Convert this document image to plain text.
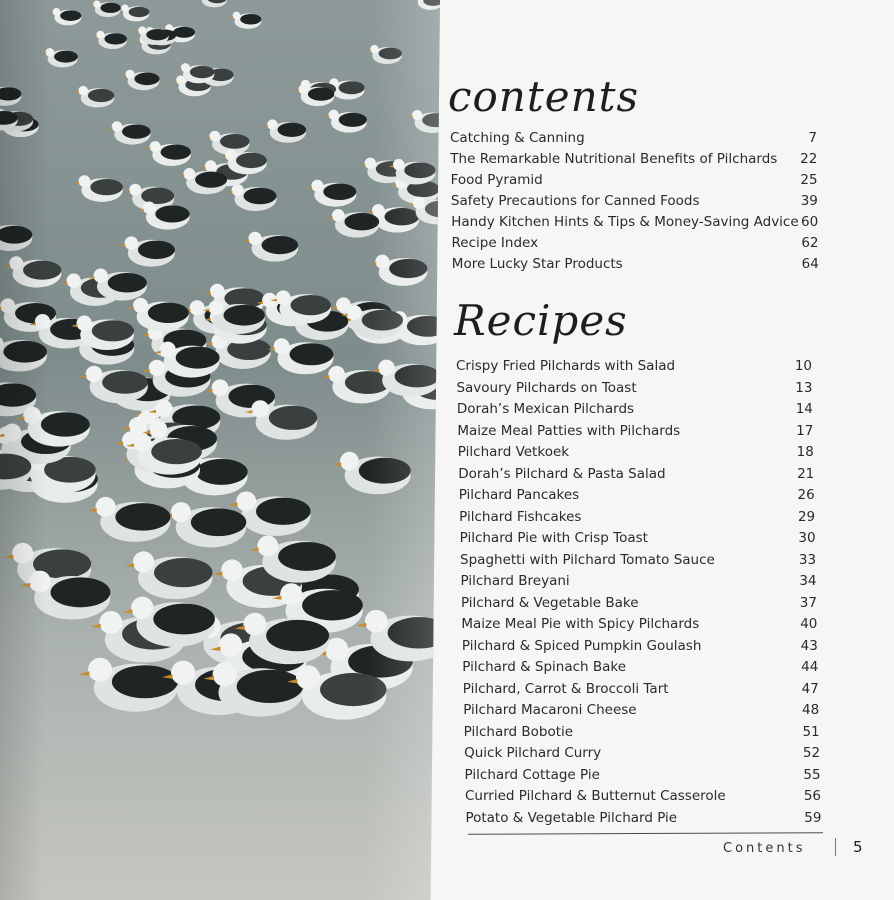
contents
Catching & Canning	7
The Remarkable Nutritional Benefits of Pilchards	22
Food Pyramid	25
Safety Precautions for Canned Foods	39
Handy Kitchen Hints & Tips & Money-Saving Advice 60
Recipe Index	62
More Lucky Star Products	64
Recipes
Crispy Fried Pilchards with Salad	10
Savoury Pilchards on Toast	13
Dorah’s Mexican Pilchards	14
Maize Meal Patties with Pilchards	17
Pilchard Vetkoek	18
Dorah’s Pilchard & Pasta Salad	21
Pilchard Pancakes	26
Pilchard Fishcakes	29
Pilchard Pie with Crisp Toast	30
Spaghetti with Pilchard Tomato Sauce	33
Pilchard Breyani	34
Pilchard & Vegetable Bake	37
Maize Meal Pie with Spicy Pilchards	40
Pilchard & Spiced Pumpkin Goulash	43
Pilchard & Spinach Bake	44
Pilchard, Carrot & Broccoli Tart	47
Pilchard Macaroni Cheese	48
Pilchard Bobotie	51
Quick Pilchard Curry	52
Pilchard Cottage Pie	55
Curried Pilchard & Butternut Casserole	56
Potato & Vegetable Pilchard Pie	59
Contents	5
